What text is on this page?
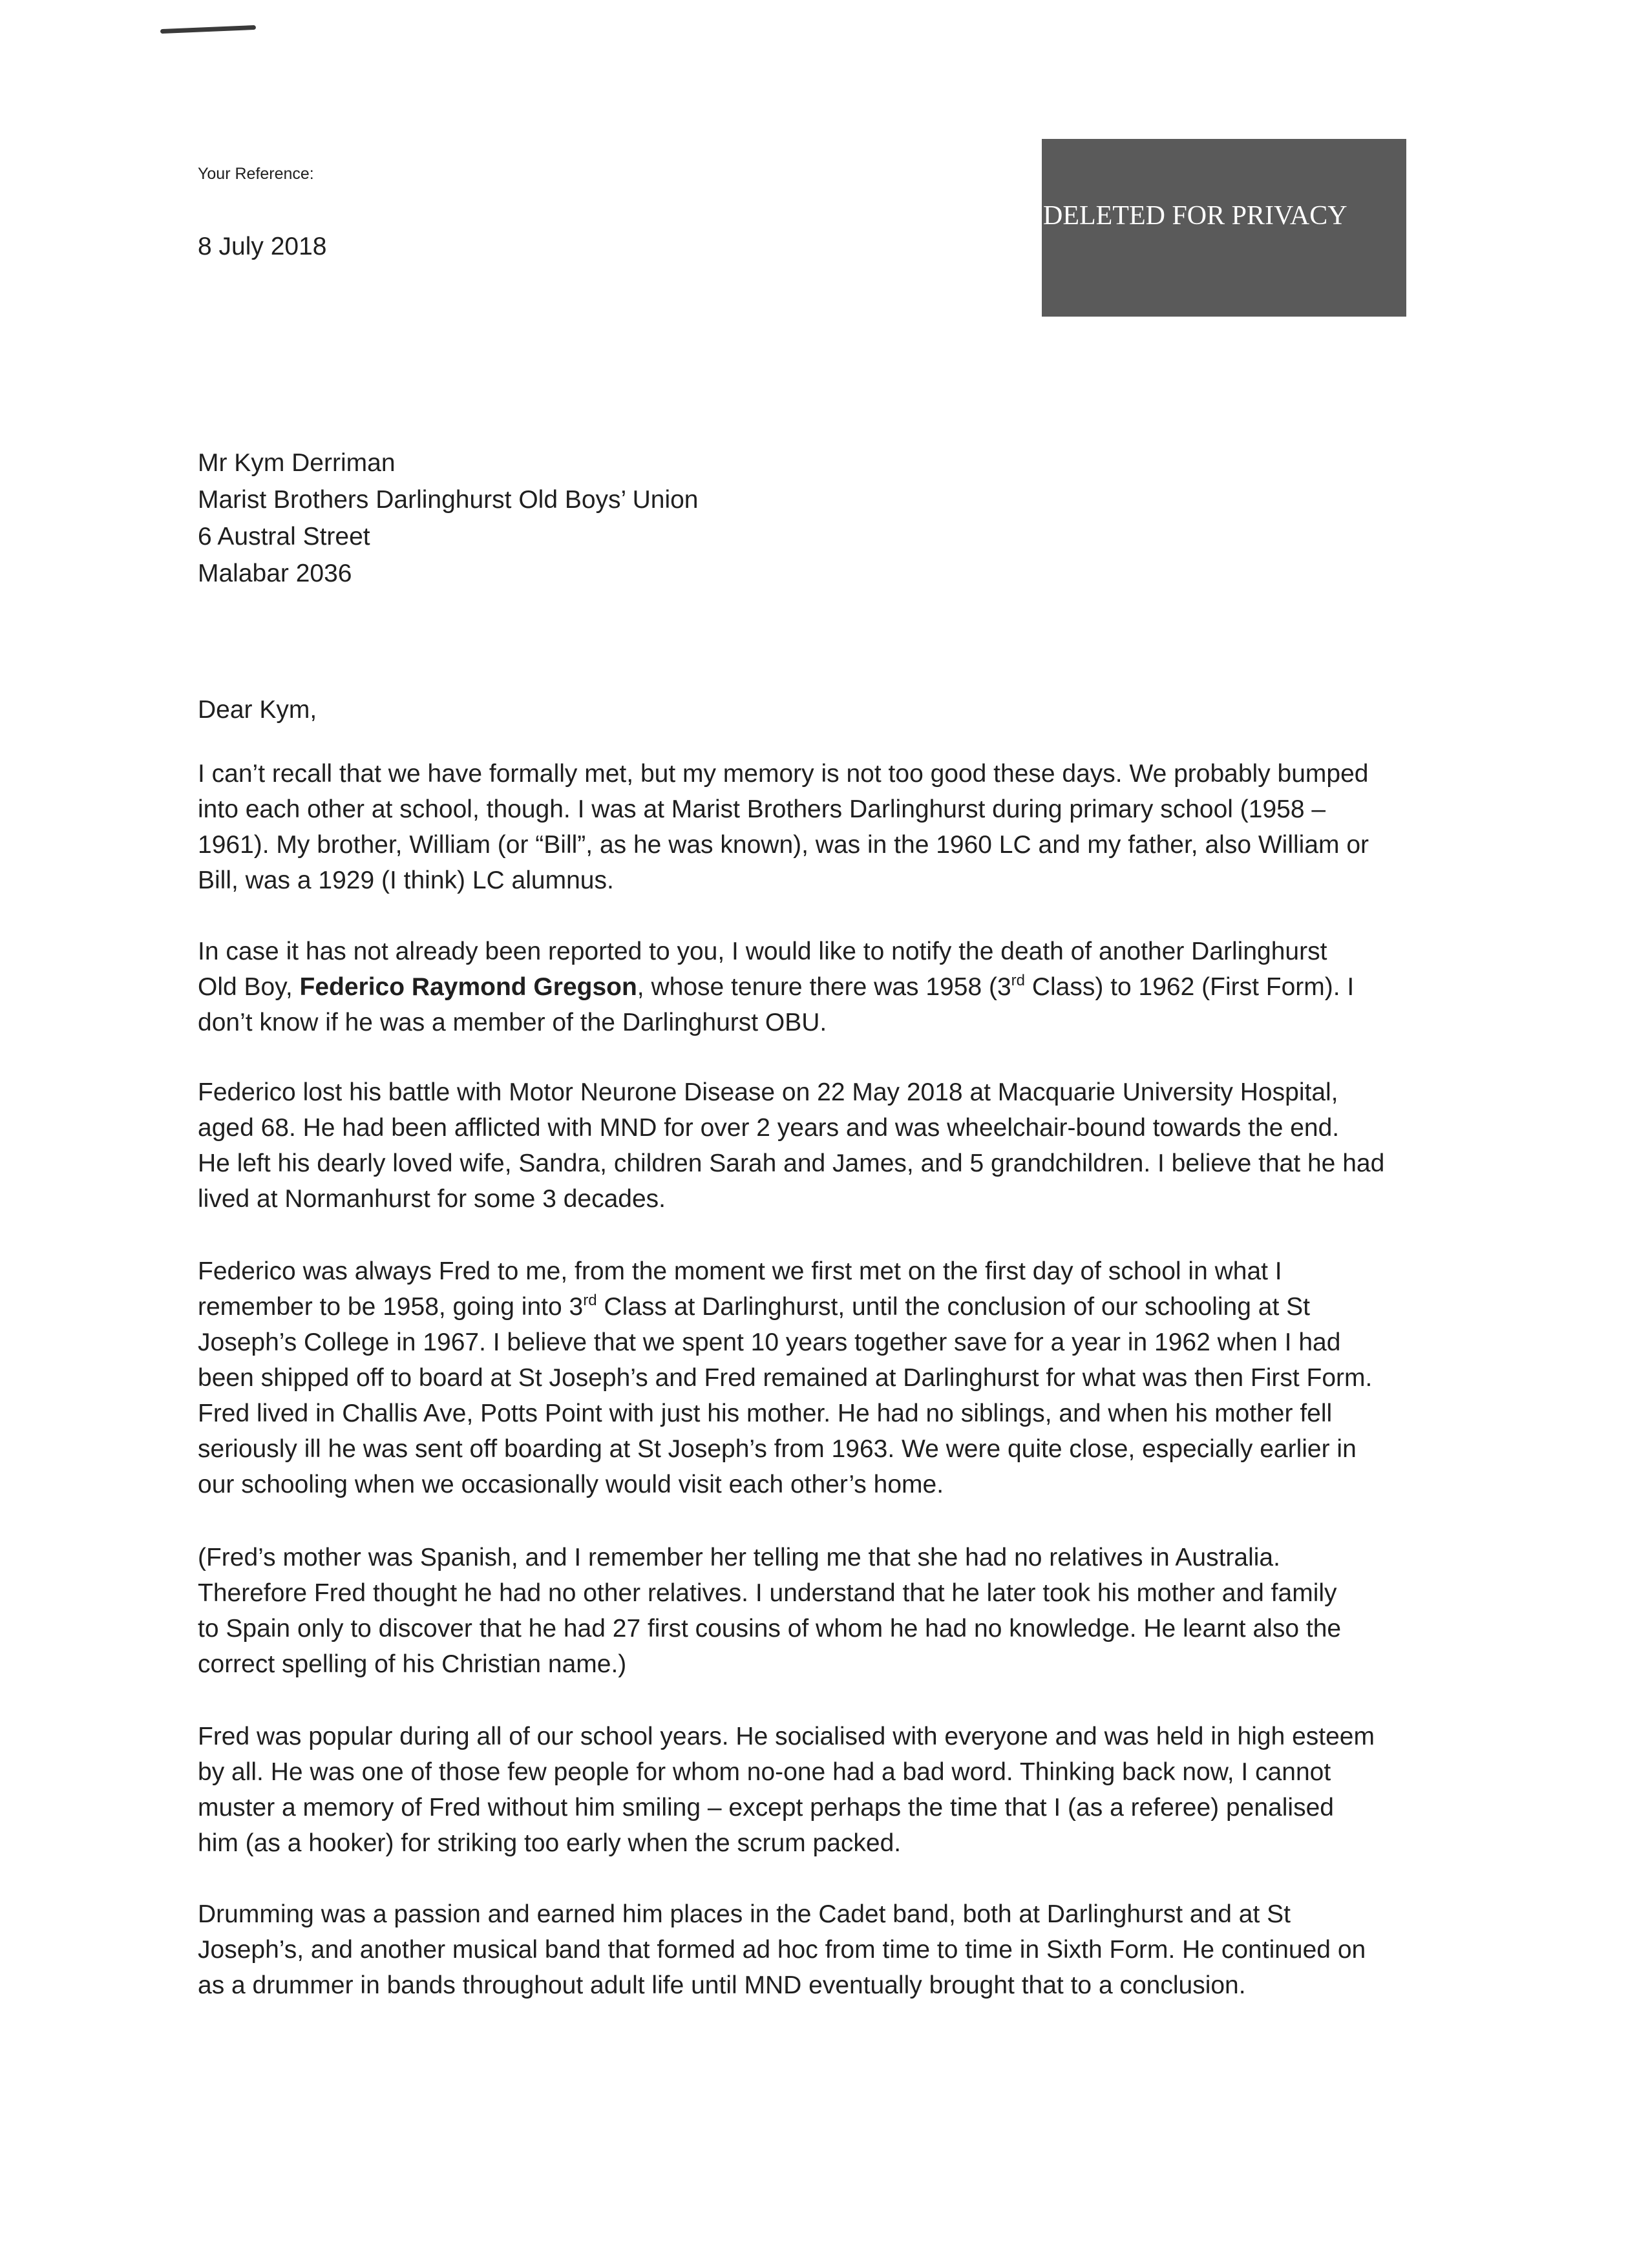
Your Reference:
8 July 2018
DELETED FOR PRIVACY
Mr Kym Derriman
Marist Brothers Darlinghurst Old Boys’ Union
6 Austral Street
Malabar 2036
Dear Kym,
I can’t recall that we have formally met, but my memory is not too good these days. We probably bumped
into each other at school, though. I was at Marist Brothers Darlinghurst during primary school (1958 –
1961). My brother, William (or “Bill”, as he was known), was in the 1960 LC and my father, also William or
Bill, was a 1929 (I think) LC alumnus.
In case it has not already been reported to you, I would like to notify the death of another Darlinghurst
Old Boy, Federico Raymond Gregson, whose tenure there was 1958 (3rd Class) to 1962 (First Form). I
don’t know if he was a member of the Darlinghurst OBU.
Federico lost his battle with Motor Neurone Disease on 22 May 2018 at Macquarie University Hospital,
aged 68. He had been afflicted with MND for over 2 years and was wheelchair-bound towards the end.
He left his dearly loved wife, Sandra, children Sarah and James, and 5 grandchildren. I believe that he had
lived at Normanhurst for some 3 decades.
Federico was always Fred to me, from the moment we first met on the first day of school in what I
remember to be 1958, going into 3rd Class at Darlinghurst, until the conclusion of our schooling at St
Joseph’s College in 1967. I believe that we spent 10 years together save for a year in 1962 when I had
been shipped off to board at St Joseph’s and Fred remained at Darlinghurst for what was then First Form.
Fred lived in Challis Ave, Potts Point with just his mother. He had no siblings, and when his mother fell
seriously ill he was sent off boarding at St Joseph’s from 1963. We were quite close, especially earlier in
our schooling when we occasionally would visit each other’s home.
(Fred’s mother was Spanish, and I remember her telling me that she had no relatives in Australia.
Therefore Fred thought he had no other relatives. I understand that he later took his mother and family
to Spain only to discover that he had 27 first cousins of whom he had no knowledge. He learnt also the
correct spelling of his Christian name.)
Fred was popular during all of our school years. He socialised with everyone and was held in high esteem
by all. He was one of those few people for whom no-one had a bad word. Thinking back now, I cannot
muster a memory of Fred without him smiling – except perhaps the time that I (as a referee) penalised
him (as a hooker) for striking too early when the scrum packed.
Drumming was a passion and earned him places in the Cadet band, both at Darlinghurst and at St
Joseph’s, and another musical band that formed ad hoc from time to time in Sixth Form. He continued on
as a drummer in bands throughout adult life until MND eventually brought that to a conclusion.
